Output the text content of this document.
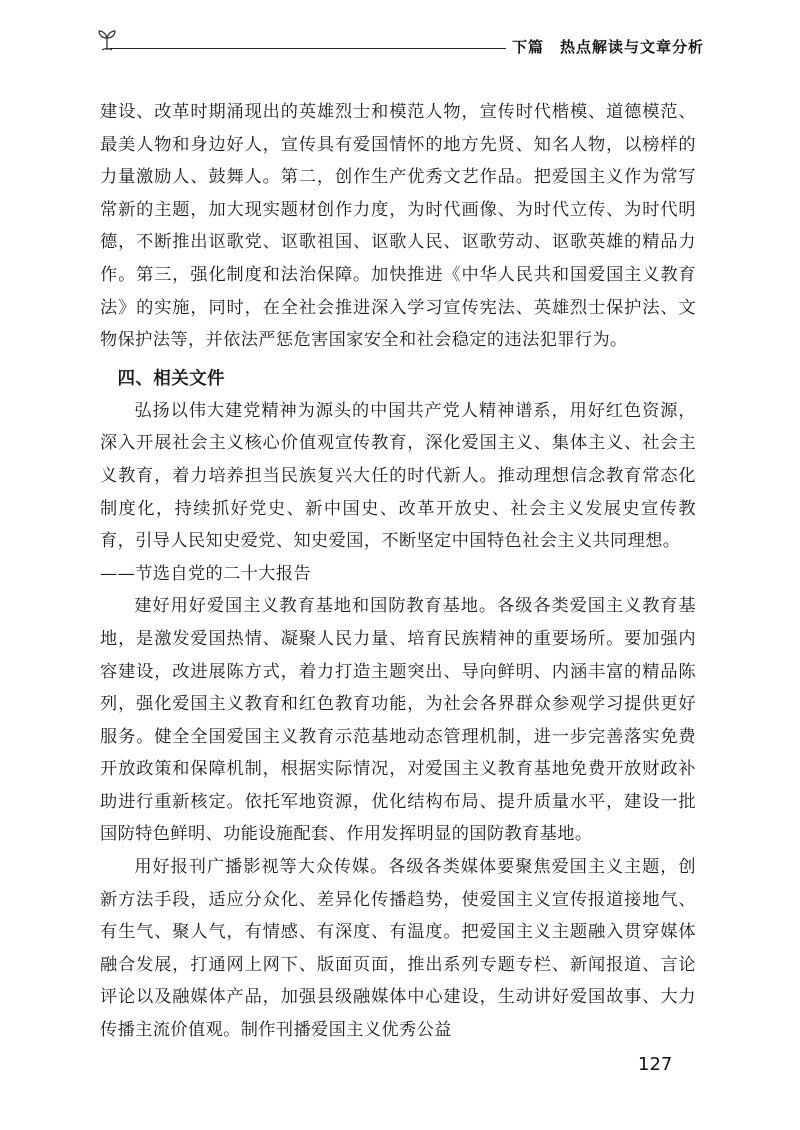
下篇　热点解读与文章分析

建设、改革时期涌现出的英雄烈士和模范人物，宣传时代楷模、道德模范、最美人物和身边好人，宣传具有爱国情怀的地方先贤、知名人物，以榜样的力量激励人、鼓舞人。第二，创作生产优秀文艺作品。把爱国主义作为常写常新的主题，加大现实题材创作力度，为时代画像、为时代立传、为时代明德，不断推出讴歌党、讴歌祖国、讴歌人民、讴歌劳动、讴歌英雄的精品力作。第三，强化制度和法治保障。加快推进《中华人民共和国爱国主义教育法》的实施，同时，在全社会推进深入学习宣传宪法、英雄烈士保护法、文物保护法等，并依法严惩危害国家安全和社会稳定的违法犯罪行为。

四、相关文件

弘扬以伟大建党精神为源头的中国共产党人精神谱系，用好红色资源，深入开展社会主义核心价值观宣传教育，深化爱国主义、集体主义、社会主义教育，着力培养担当民族复兴大任的时代新人。推动理想信念教育常态化制度化，持续抓好党史、新中国史、改革开放史、社会主义发展史宣传教育，引导人民知史爱党、知史爱国，不断坚定中国特色社会主义共同理想。

——节选自党的二十大报告

建好用好爱国主义教育基地和国防教育基地。各级各类爱国主义教育基地，是激发爱国热情、凝聚人民力量、培育民族精神的重要场所。要加强内容建设，改进展陈方式，着力打造主题突出、导向鲜明、内涵丰富的精品陈列，强化爱国主义教育和红色教育功能，为社会各界群众参观学习提供更好服务。健全全国爱国主义教育示范基地动态管理机制，进一步完善落实免费开放政策和保障机制，根据实际情况，对爱国主义教育基地免费开放财政补助进行重新核定。依托军地资源，优化结构布局、提升质量水平，建设一批国防特色鲜明、功能设施配套、作用发挥明显的国防教育基地。

用好报刊广播影视等大众传媒。各级各类媒体要聚焦爱国主义主题，创新方法手段，适应分众化、差异化传播趋势，使爱国主义宣传报道接地气、有生气、聚人气，有情感、有深度、有温度。把爱国主义主题融入贯穿媒体融合发展，打通网上网下、版面页面，推出系列专题专栏、新闻报道、言论评论以及融媒体产品，加强县级融媒体中心建设，生动讲好爱国故事、大力传播主流价值观。制作刊播爱国主义优秀公益

127
